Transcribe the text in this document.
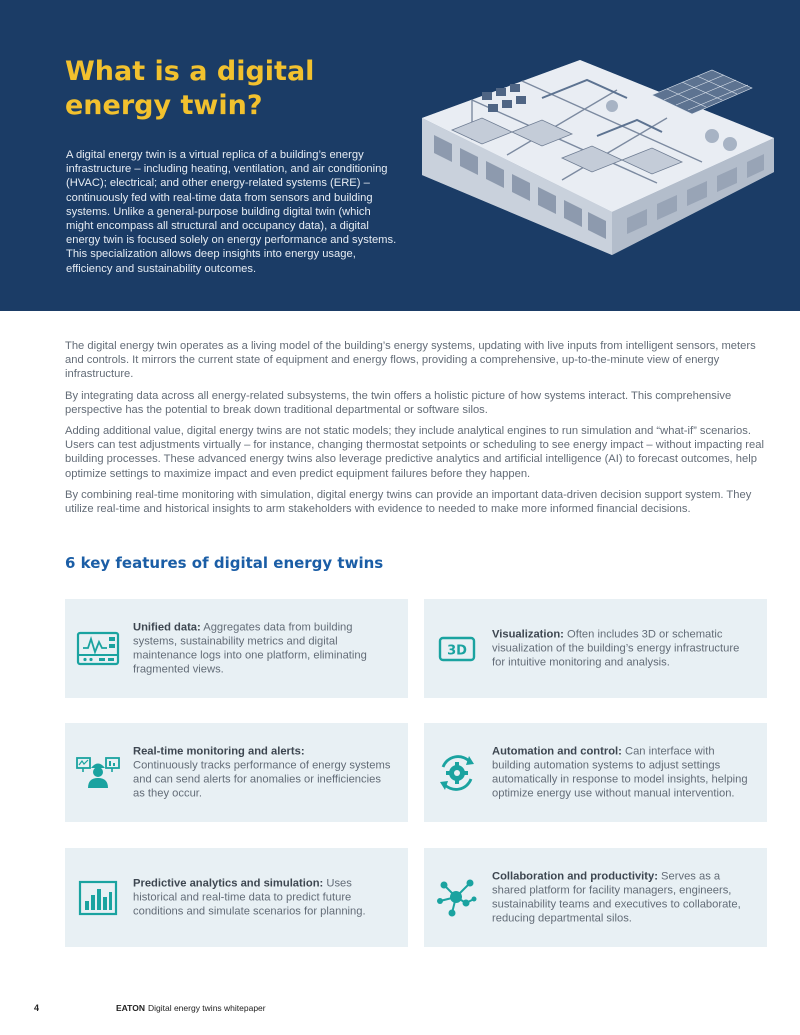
What is a digital
energy twin?
A digital energy twin is a virtual replica of a building’s energy infrastructure – including heating, ventilation, and air conditioning (HVAC); electrical; and other energy-related systems (ERE) – continuously fed with real-time data from sensors and building systems. Unlike a general-purpose building digital twin (which might encompass all structural and occupancy data), a digital energy twin is focused solely on energy performance and systems. This specialization allows deep insights into energy usage, efficiency and sustainability outcomes.

The digital energy twin operates as a living model of the building’s energy systems, updating with live inputs from intelligent sensors, meters and controls. It mirrors the current state of equipment and energy flows, providing a comprehensive, up-to-the-minute view of energy infrastructure.

By integrating data across all energy-related subsystems, the twin offers a holistic picture of how systems interact. This comprehensive perspective has the potential to break down traditional departmental or software silos.

Adding additional value, digital energy twins are not static models; they include analytical engines to run simulation and “what-if” scenarios. Users can test adjustments virtually – for instance, changing thermostat setpoints or scheduling to see energy impact – without impacting real building processes. These advanced energy twins also leverage predictive analytics and artificial intelligence (AI) to forecast outcomes, help optimize settings to maximize impact and even predict equipment failures before they happen.

By combining real-time monitoring with simulation, digital energy twins can provide an important data-driven decision support system. They utilize real-time and historical insights to arm stakeholders with evidence to needed to make more informed financial decisions.

6 key features of digital energy twins
Unified data: Aggregates data from building systems, sustainability metrics and digital maintenance logs into one platform, eliminating fragmented views.
3D
Visualization: Often includes 3D or schematic visualization of the building’s energy infrastructure for intuitive monitoring and analysis.
Real-time monitoring and alerts:
Continuously tracks performance of energy systems and can send alerts for anomalies or inefficiencies as they occur.
Automation and control: Can interface with building automation systems to adjust settings automatically in response to model insights, helping optimize energy use without manual intervention.
Predictive analytics and simulation: Uses historical and real-time data to predict future conditions and simulate scenarios for planning.
Collaboration and productivity: Serves as a shared platform for facility managers, engineers, sustainability teams and executives to collaborate, reducing departmental silos.
4	EATON Digital energy twins whitepaper
